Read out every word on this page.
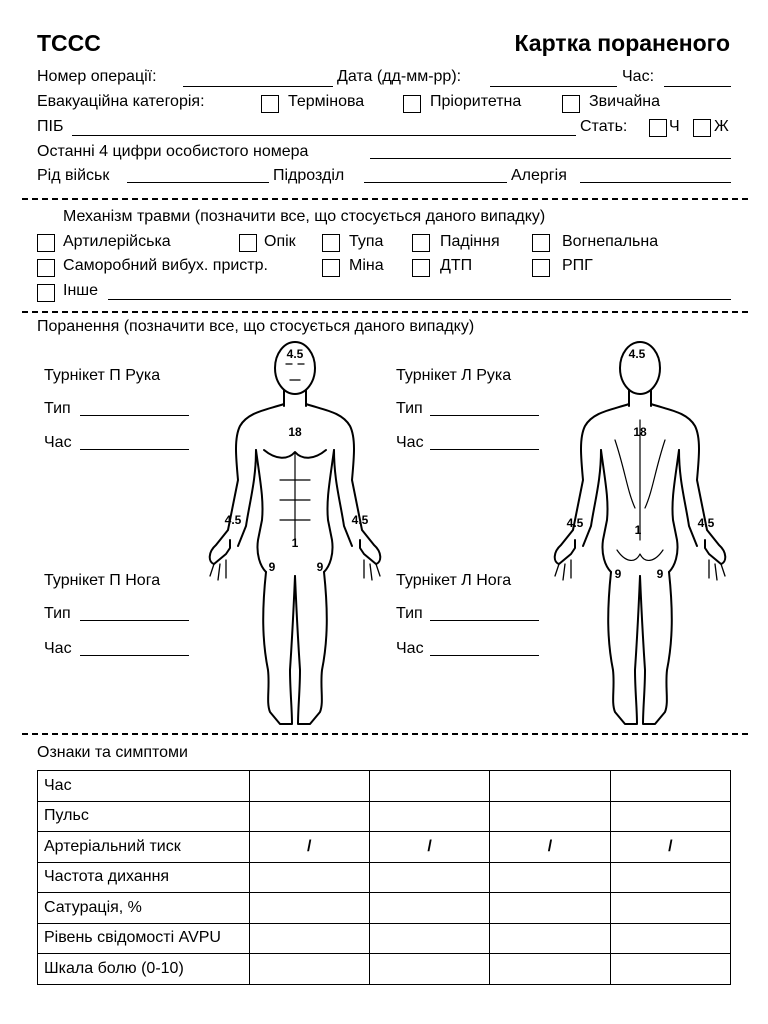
TCCC	Картка пораненого
Номер операції:	Дата (дд-мм-рр):	Час:
Евакуаційна категорія:	Термінова	Пріоритетна	Звичайна
ПІБ	Стать:	Ч Ж
Останні 4 цифри особистого номера
Рід військ	Підрозділ	Алергія
Механізм травми (позначити все, що стосується даного випадку)
Артилерійська	Опік	Тупа	Падіння	Вогнепальна
Саморобний вибух. пристр.	Міна	ДТП	РПГ
Інше
Поранення (позначити все, що стосується даного випадку)
Турнікет П Рука
Тип
Час
Турнікет П Нога
Тип
Час
Турнікет Л Рука
Тип
Час
Турнікет Л Нога
Тип
Час
4.5
18
4.5	4.5
1
9	9
4.5
18
4.5	4.5
1
9	9
Ознаки та симптоми
Час				
Пульс				
Артеріальний тиск	/	/	/	/
Частота дихання				
Сатурація, %				
Рівень свідомості AVPU				
Шкала болю (0-10)				
